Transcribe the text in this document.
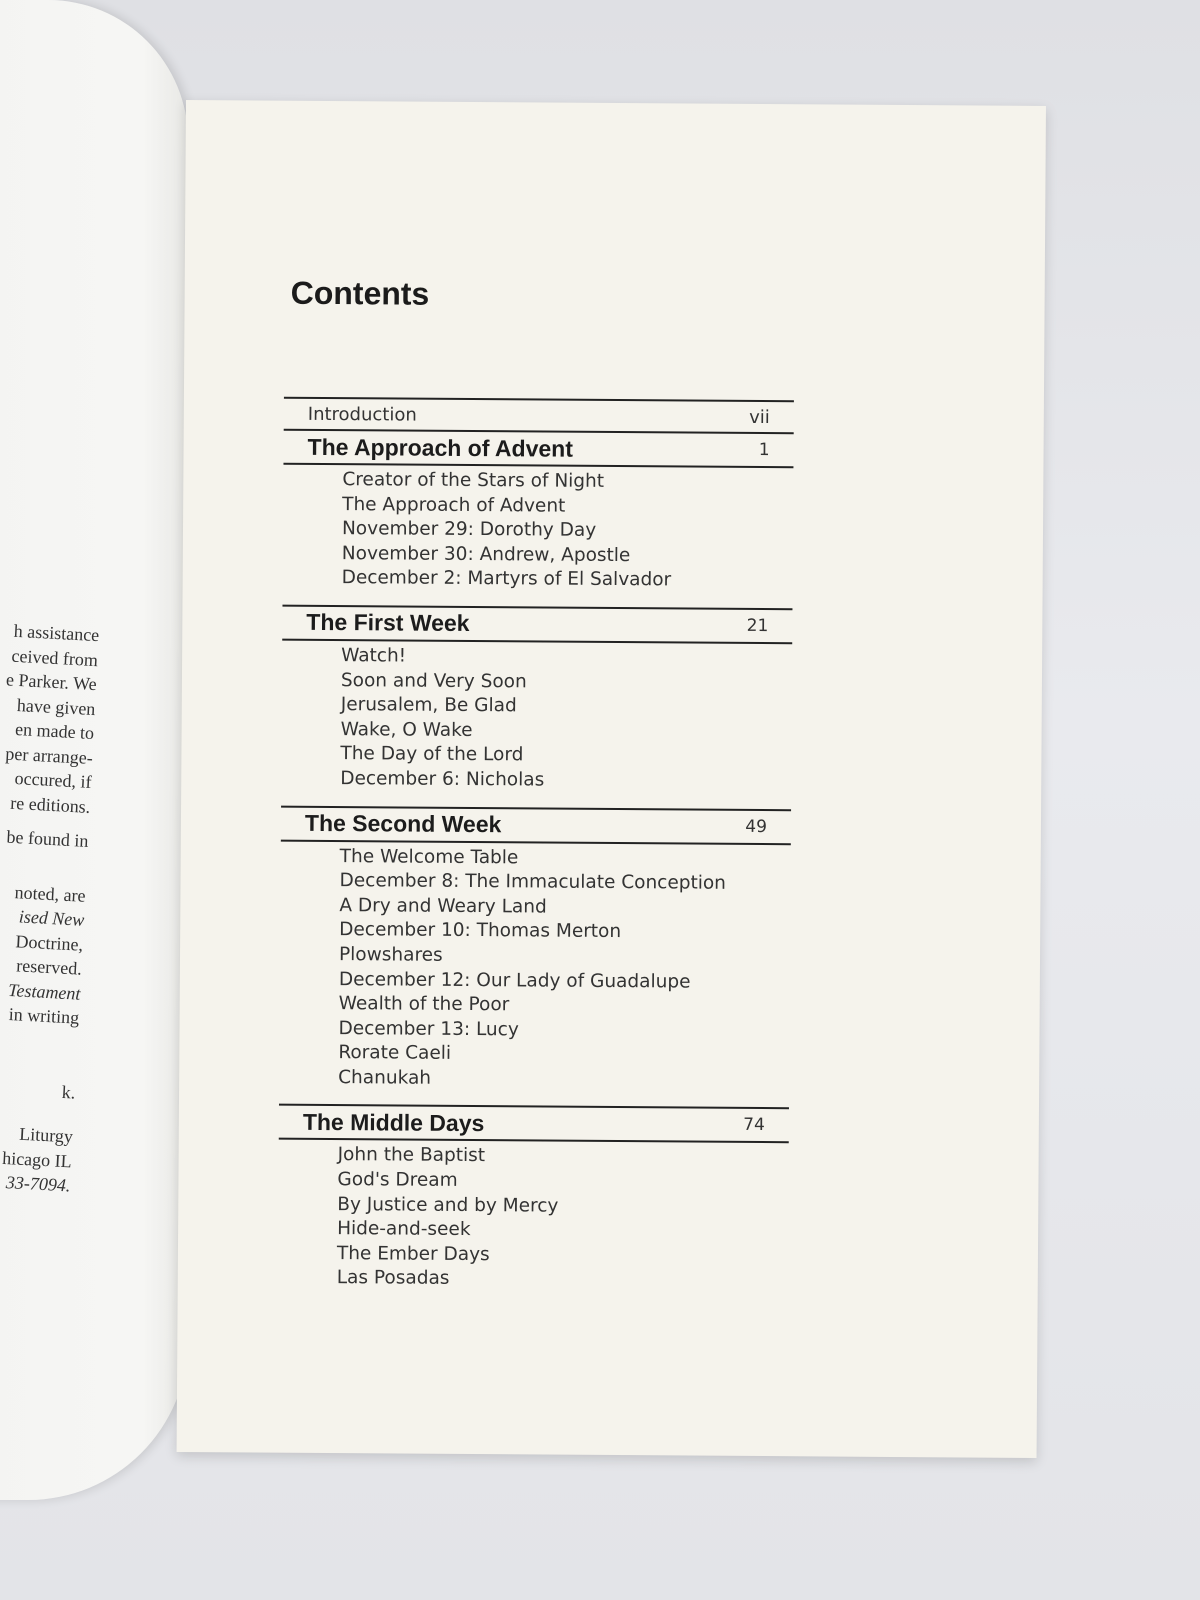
h assistance
ceived from
e Parker. We
have given
en made to
per arrange-
occured, if
re editions.
be found in
noted, are
ised New
Doctrine,
reserved.
Testament
in writing
k.
Liturgy
hicago IL
33-7094.
Contents
Introduction	vii
The Approach of Advent	1
Creator of the Stars of Night
The Approach of Advent
November 29: Dorothy Day
November 30: Andrew, Apostle
December 2: Martyrs of El Salvador
The First Week	21
Watch!
Soon and Very Soon
Jerusalem, Be Glad
Wake, O Wake
The Day of the Lord
December 6: Nicholas
The Second Week	49
The Welcome Table
December 8: The Immaculate Conception
A Dry and Weary Land
December 10: Thomas Merton
Plowshares
December 12: Our Lady of Guadalupe
Wealth of the Poor
December 13: Lucy
Rorate Caeli
Chanukah
The Middle Days	74
John the Baptist
God's Dream
By Justice and by Mercy
Hide-and-seek
The Ember Days
Las Posadas
